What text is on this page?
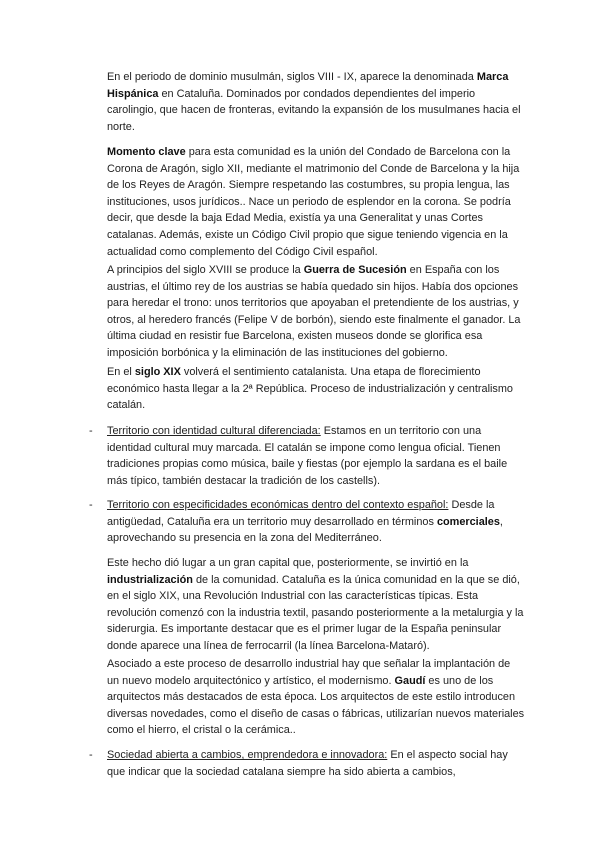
En el periodo de dominio musulmán, siglos VIII - IX, aparece la denominada Marca Hispánica en Cataluña. Dominados por condados dependientes del imperio carolingio, que hacen de fronteras, evitando la expansión de los musulmanes hacia el norte.

Momento clave para esta comunidad es la unión del Condado de Barcelona con la Corona de Aragón, siglo XII, mediante el matrimonio del Conde de Barcelona y la hija de los Reyes de Aragón. Siempre respetando las costumbres, su propia lengua, las instituciones, usos jurídicos.. Nace un periodo de esplendor en la corona. Se podría decir, que desde la baja Edad Media, existía ya una Generalitat y unas Cortes catalanas. Además, existe un Código Civil propio que sigue teniendo vigencia en la actualidad como complemento del Código Civil español.

A principios del siglo XVIII se produce la Guerra de Sucesión en España con los austrias, el último rey de los austrias se había quedado sin hijos. Había dos opciones para heredar el trono: unos territorios que apoyaban el pretendiente de los austrias, y otros, al heredero francés (Felipe V de borbón), siendo este finalmente el ganador. La última ciudad en resistir fue Barcelona, existen museos donde se glorifica esa imposición borbónica y la eliminación de las instituciones del gobierno.

En el siglo XIX volverá el sentimiento catalanista. Una etapa de florecimiento económico hasta llegar a la 2ª República. Proceso de industrialización y centralismo catalán.

-	Territorio con identidad cultural diferenciada: Estamos en un territorio con una identidad cultural muy marcada. El catalán se impone como lengua oficial. Tienen tradiciones propias como música, baile y fiestas (por ejemplo la sardana es el baile más típico, también destacar la tradición de los castells).

-	Territorio con especificidades económicas dentro del contexto español: Desde la antigüedad, Cataluña era un territorio muy desarrollado en términos comerciales, aprovechando su presencia en la zona del Mediterráneo.

Este hecho dió lugar a un gran capital que, posteriormente, se invirtió en la industrialización de la comunidad. Cataluña es la única comunidad en la que se dió, en el siglo XIX, una Revolución Industrial con las características típicas. Esta revolución comenzó con la industria textil, pasando posteriormente a la metalurgia y la siderurgia. Es importante destacar que es el primer lugar de la España peninsular donde aparece una línea de ferrocarril (la línea Barcelona-Mataró).

Asociado a este proceso de desarrollo industrial hay que señalar la implantación de un nuevo modelo arquitectónico y artístico, el modernismo. Gaudí es uno de los arquitectos más destacados de esta época. Los arquitectos de este estilo introducen diversas novedades, como el diseño de casas o fábricas, utilizarían nuevos materiales como el hierro, el cristal o la cerámica..

-	Sociedad abierta a cambios, emprendedora e innovadora: En el aspecto social hay que indicar que la sociedad catalana siempre ha sido abierta a cambios,
